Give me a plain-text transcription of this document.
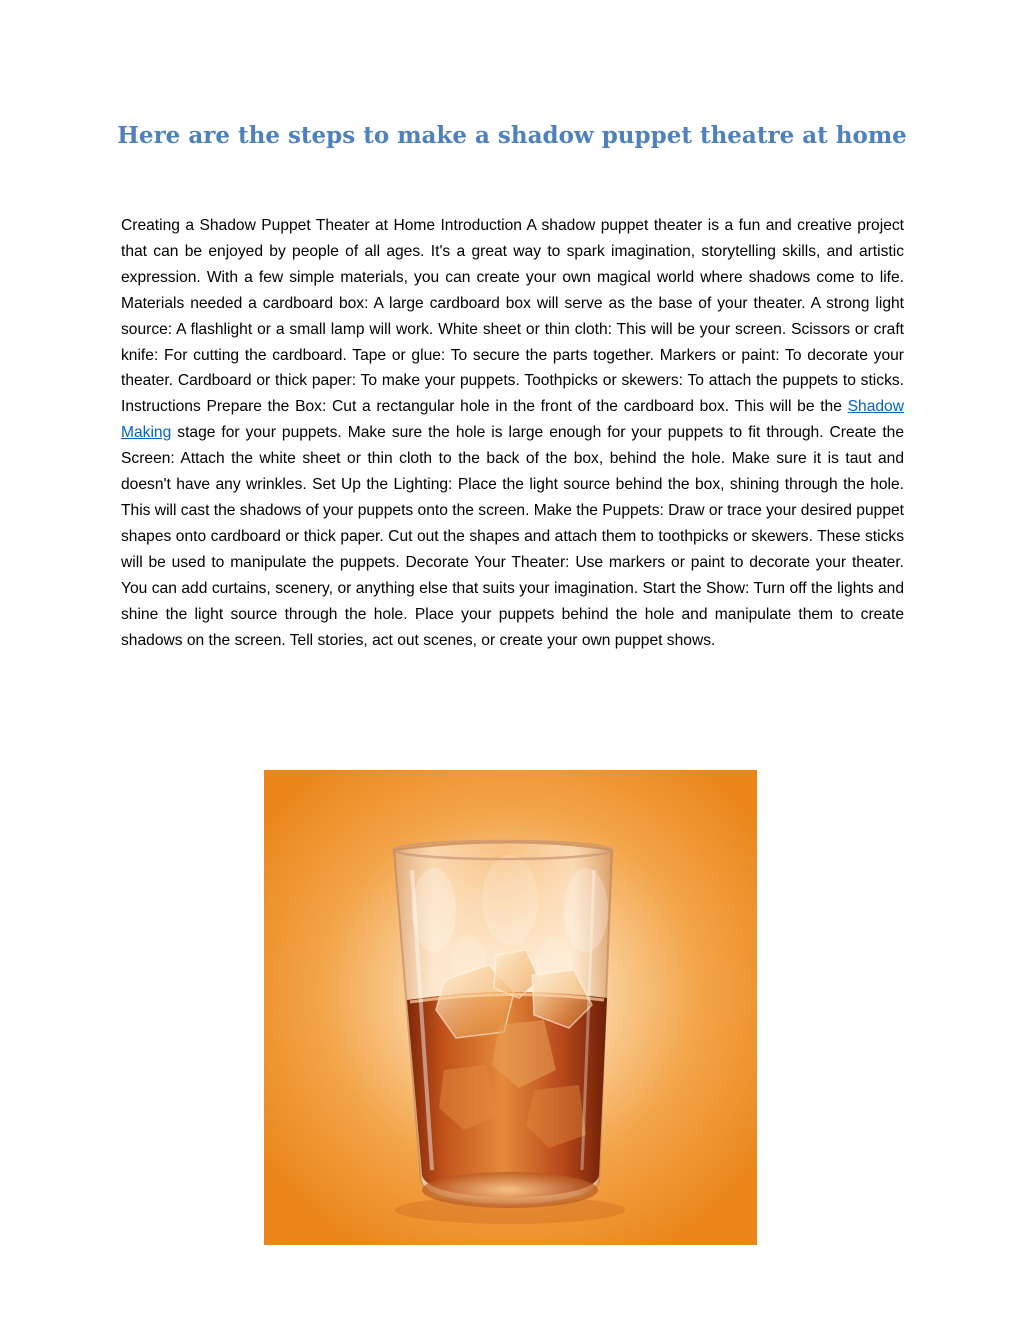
Here are the steps to make a shadow puppet theatre at home

Creating a Shadow Puppet Theater at Home Introduction A shadow puppet theater is a fun and creative project that can be enjoyed by people of all ages. It's a great way to spark imagination, storytelling skills, and artistic expression. With a few simple materials, you can create your own magical world where shadows come to life. Materials needed a cardboard box: A large cardboard box will serve as the base of your theater. A strong light source: A flashlight or a small lamp will work. White sheet or thin cloth: This will be your screen. Scissors or craft knife: For cutting the cardboard. Tape or glue: To secure the parts together. Markers or paint: To decorate your theater. Cardboard or thick paper: To make your puppets. Toothpicks or skewers: To attach the puppets to sticks. Instructions Prepare the Box: Cut a rectangular hole in the front of the cardboard box. This will be the Shadow Making stage for your puppets. Make sure the hole is large enough for your puppets to fit through. Create the Screen: Attach the white sheet or thin cloth to the back of the box, behind the hole. Make sure it is taut and doesn't have any wrinkles. Set Up the Lighting: Place the light source behind the box, shining through the hole. This will cast the shadows of your puppets onto the screen. Make the Puppets: Draw or trace your desired puppet shapes onto cardboard or thick paper. Cut out the shapes and attach them to toothpicks or skewers. These sticks will be used to manipulate the puppets. Decorate Your Theater: Use markers or paint to decorate your theater. You can add curtains, scenery, or anything else that suits your imagination. Start the Show: Turn off the lights and shine the light source through the hole. Place your puppets behind the hole and manipulate them to create shadows on the screen. Tell stories, act out scenes, or create your own puppet shows.
